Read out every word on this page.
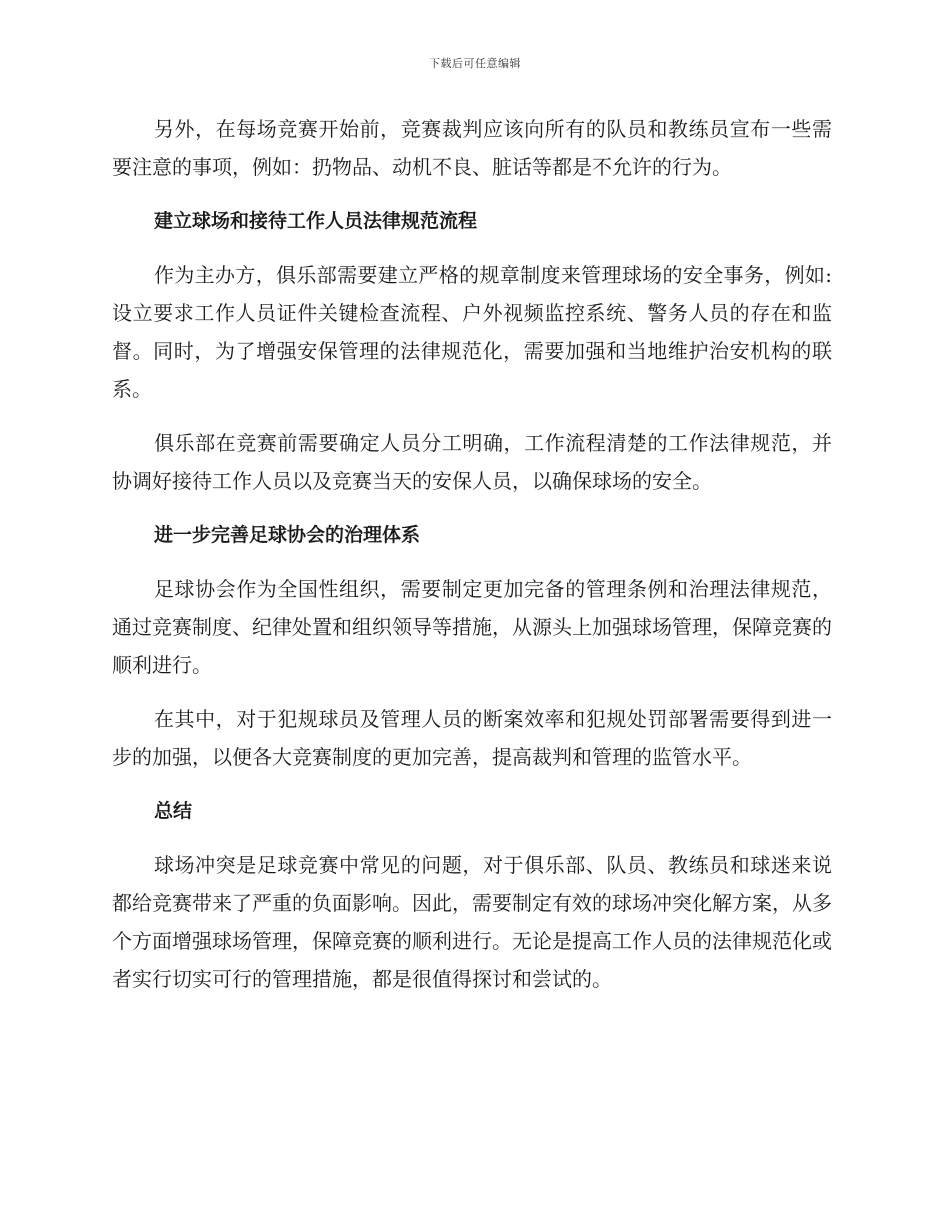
下载后可任意编辑

另外，在每场竞赛开始前，竞赛裁判应该向所有的队员和教练员宣布一些需要注意的事项，例如：扔物品、动机不良、脏话等都是不允许的行为。

建立球场和接待工作人员法律规范流程

作为主办方，俱乐部需要建立严格的规章制度来管理球场的安全事务，例如: 设立要求工作人员证件关键检查流程、户外视频监控系统、警务人员的存在和监督。同时，为了增强安保管理的法律规范化，需要加强和当地维护治安机构的联系。

俱乐部在竞赛前需要确定人员分工明确，工作流程清楚的工作法律规范，并协调好接待工作人员以及竞赛当天的安保人员，以确保球场的安全。

进一步完善足球协会的治理体系

足球协会作为全国性组织，需要制定更加完备的管理条例和治理法律规范，通过竞赛制度、纪律处置和组织领导等措施，从源头上加强球场管理，保障竞赛的顺利进行。

在其中，对于犯规球员及管理人员的断案效率和犯规处罚部署需要得到进一步的加强，以便各大竞赛制度的更加完善，提高裁判和管理的监管水平。

总结

球场冲突是足球竞赛中常见的问题，对于俱乐部、队员、教练员和球迷来说都给竞赛带来了严重的负面影响。因此，需要制定有效的球场冲突化解方案，从多个方面增强球场管理，保障竞赛的顺利进行。无论是提高工作人员的法律规范化或者实行切实可行的管理措施，都是很值得探讨和尝试的。
